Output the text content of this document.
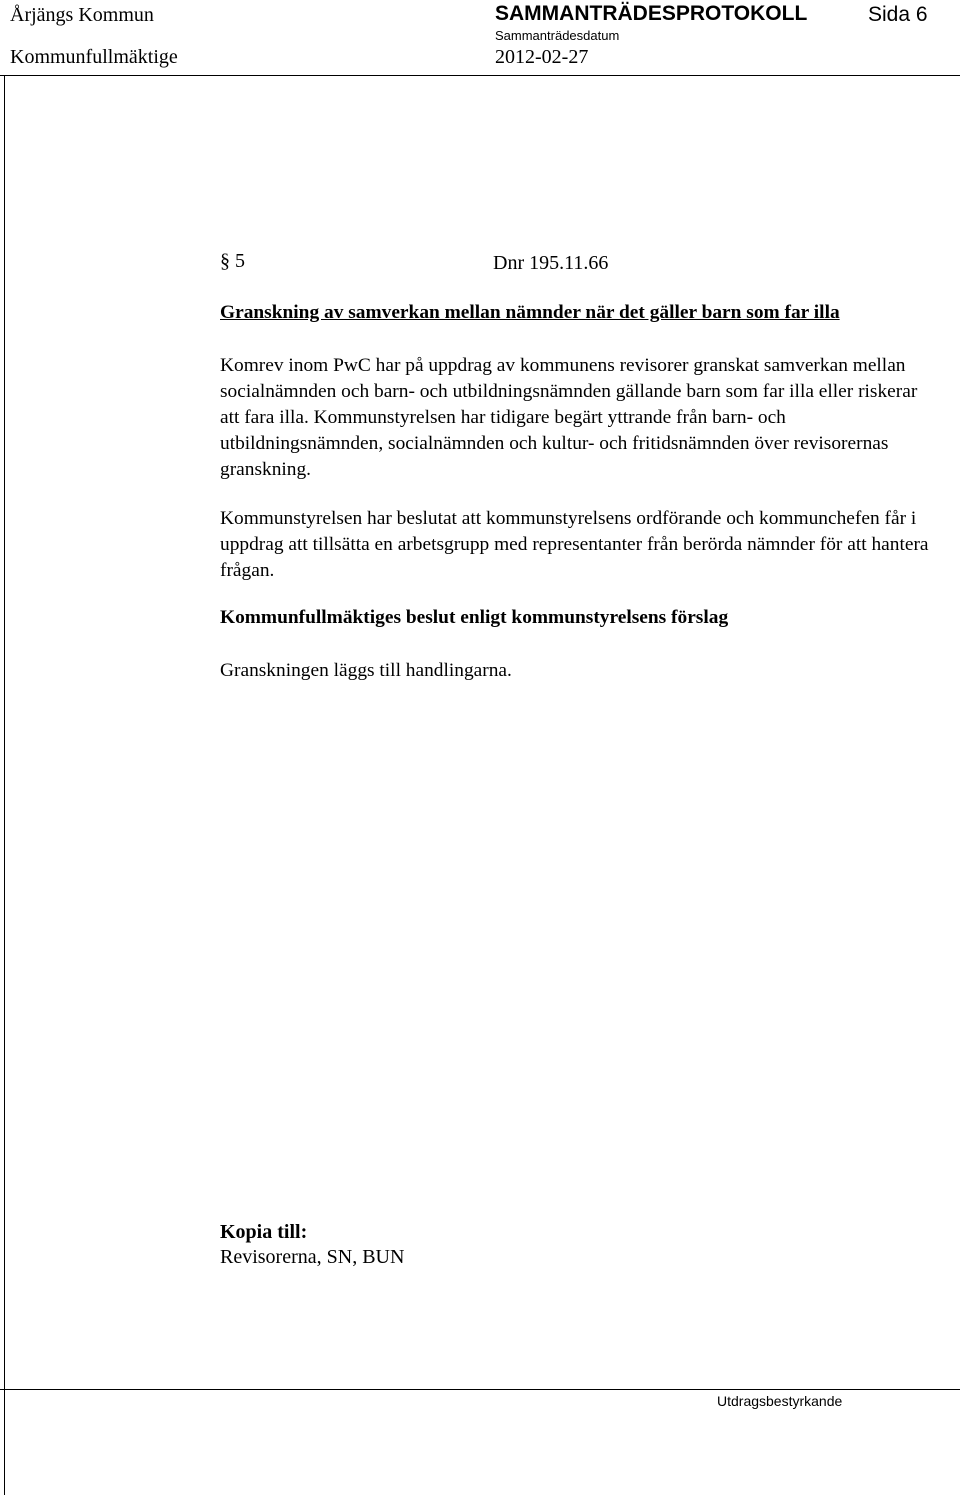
Årjängs Kommun	SAMMANTRÄDESPROTOKOLL	Sida 6
Kommunfullmäktige
Sammanträdesdatum
2012-02-27
§ 5	Dnr 195.11.66
Granskning av samverkan mellan nämnder när det gäller barn som far illa

Komrev inom PwC har på uppdrag av kommunens revisorer granskat samverkan mellan socialnämnden och barn- och utbildningsnämnden gällande barn som far illa eller riskerar att fara illa. Kommunstyrelsen har tidigare begärt yttrande från barn- och utbildningsnämnden, socialnämnden och kultur- och fritidsnämnden över revisorernas granskning.

Kommunstyrelsen har beslutat att kommunstyrelsens ordförande och kommunchefen får i uppdrag att tillsätta en arbetsgrupp med representanter från berörda nämnder för att hantera frågan.

Kommunfullmäktiges beslut enligt kommunstyrelsens förslag
Granskningen läggs till handlingarna.
Kopia till:
Revisorerna, SN, BUN
Utdragsbestyrkande
